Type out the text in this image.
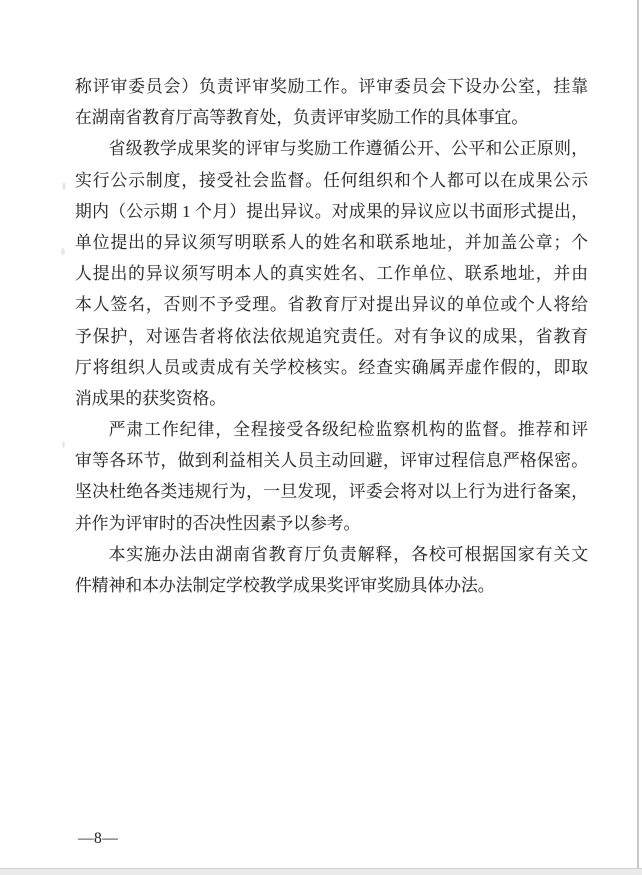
称评审委员会）负责评审奖励工作。评审委员会下设办公室，挂靠
在湖南省教育厅高等教育处，负责评审奖励工作的具体事宜。
省级教学成果奖的评审与奖励工作遵循公开、公平和公正原则，
实行公示制度，接受社会监督。任何组织和个人都可以在成果公示
期内（公示期 1 个月）提出异议。对成果的异议应以书面形式提出，
单位提出的异议须写明联系人的姓名和联系地址，并加盖公章；个
人提出的异议须写明本人的真实姓名、工作单位、联系地址，并由
本人签名，否则不予受理。省教育厅对提出异议的单位或个人将给
予保护，对诬告者将依法依规追究责任。对有争议的成果，省教育
厅将组织人员或责成有关学校核实。经查实确属弄虚作假的，即取
消成果的获奖资格。
严肃工作纪律，全程接受各级纪检监察机构的监督。推荐和评
审等各环节，做到利益相关人员主动回避，评审过程信息严格保密。
坚决杜绝各类违规行为，一旦发现，评委会将对以上行为进行备案，
并作为评审时的否决性因素予以参考。
本实施办法由湖南省教育厅负责解释，各校可根据国家有关文
件精神和本办法制定学校教学成果奖评审奖励具体办法。
—8—
